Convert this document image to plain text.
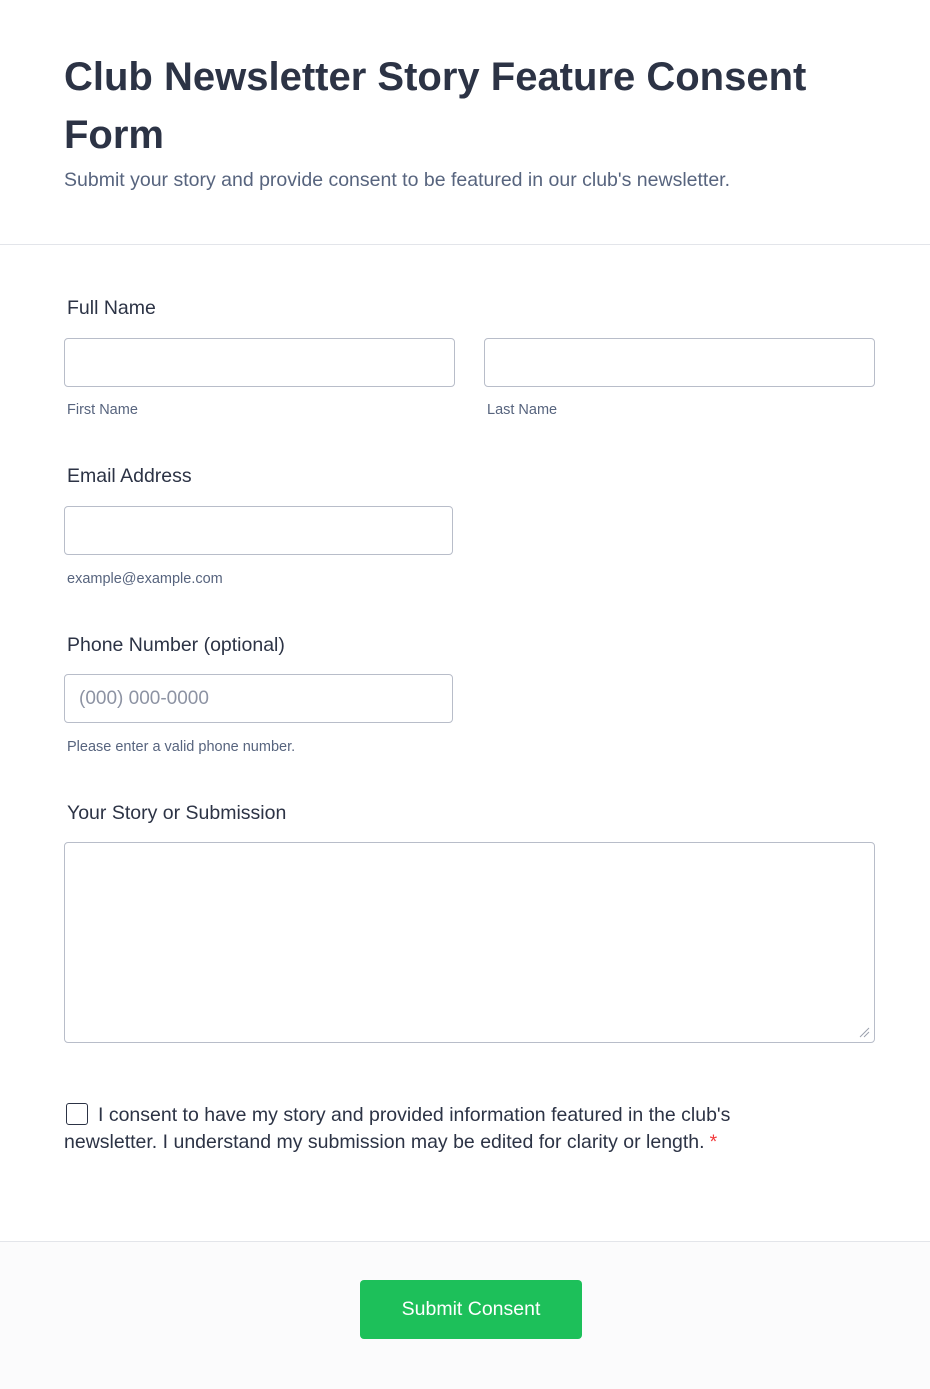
Club Newsletter Story Feature Consent Form

Submit your story and provide consent to be featured in our club's newsletter.

Full Name
First Name	Last Name
Email Address
example@example.com
Phone Number (optional)
(000) 000-0000
Please enter a valid phone number.
Your Story or Submission
I consent to have my story and provided information featured in the club's newsletter. I understand my submission may be edited for clarity or length. *
Submit Consent
